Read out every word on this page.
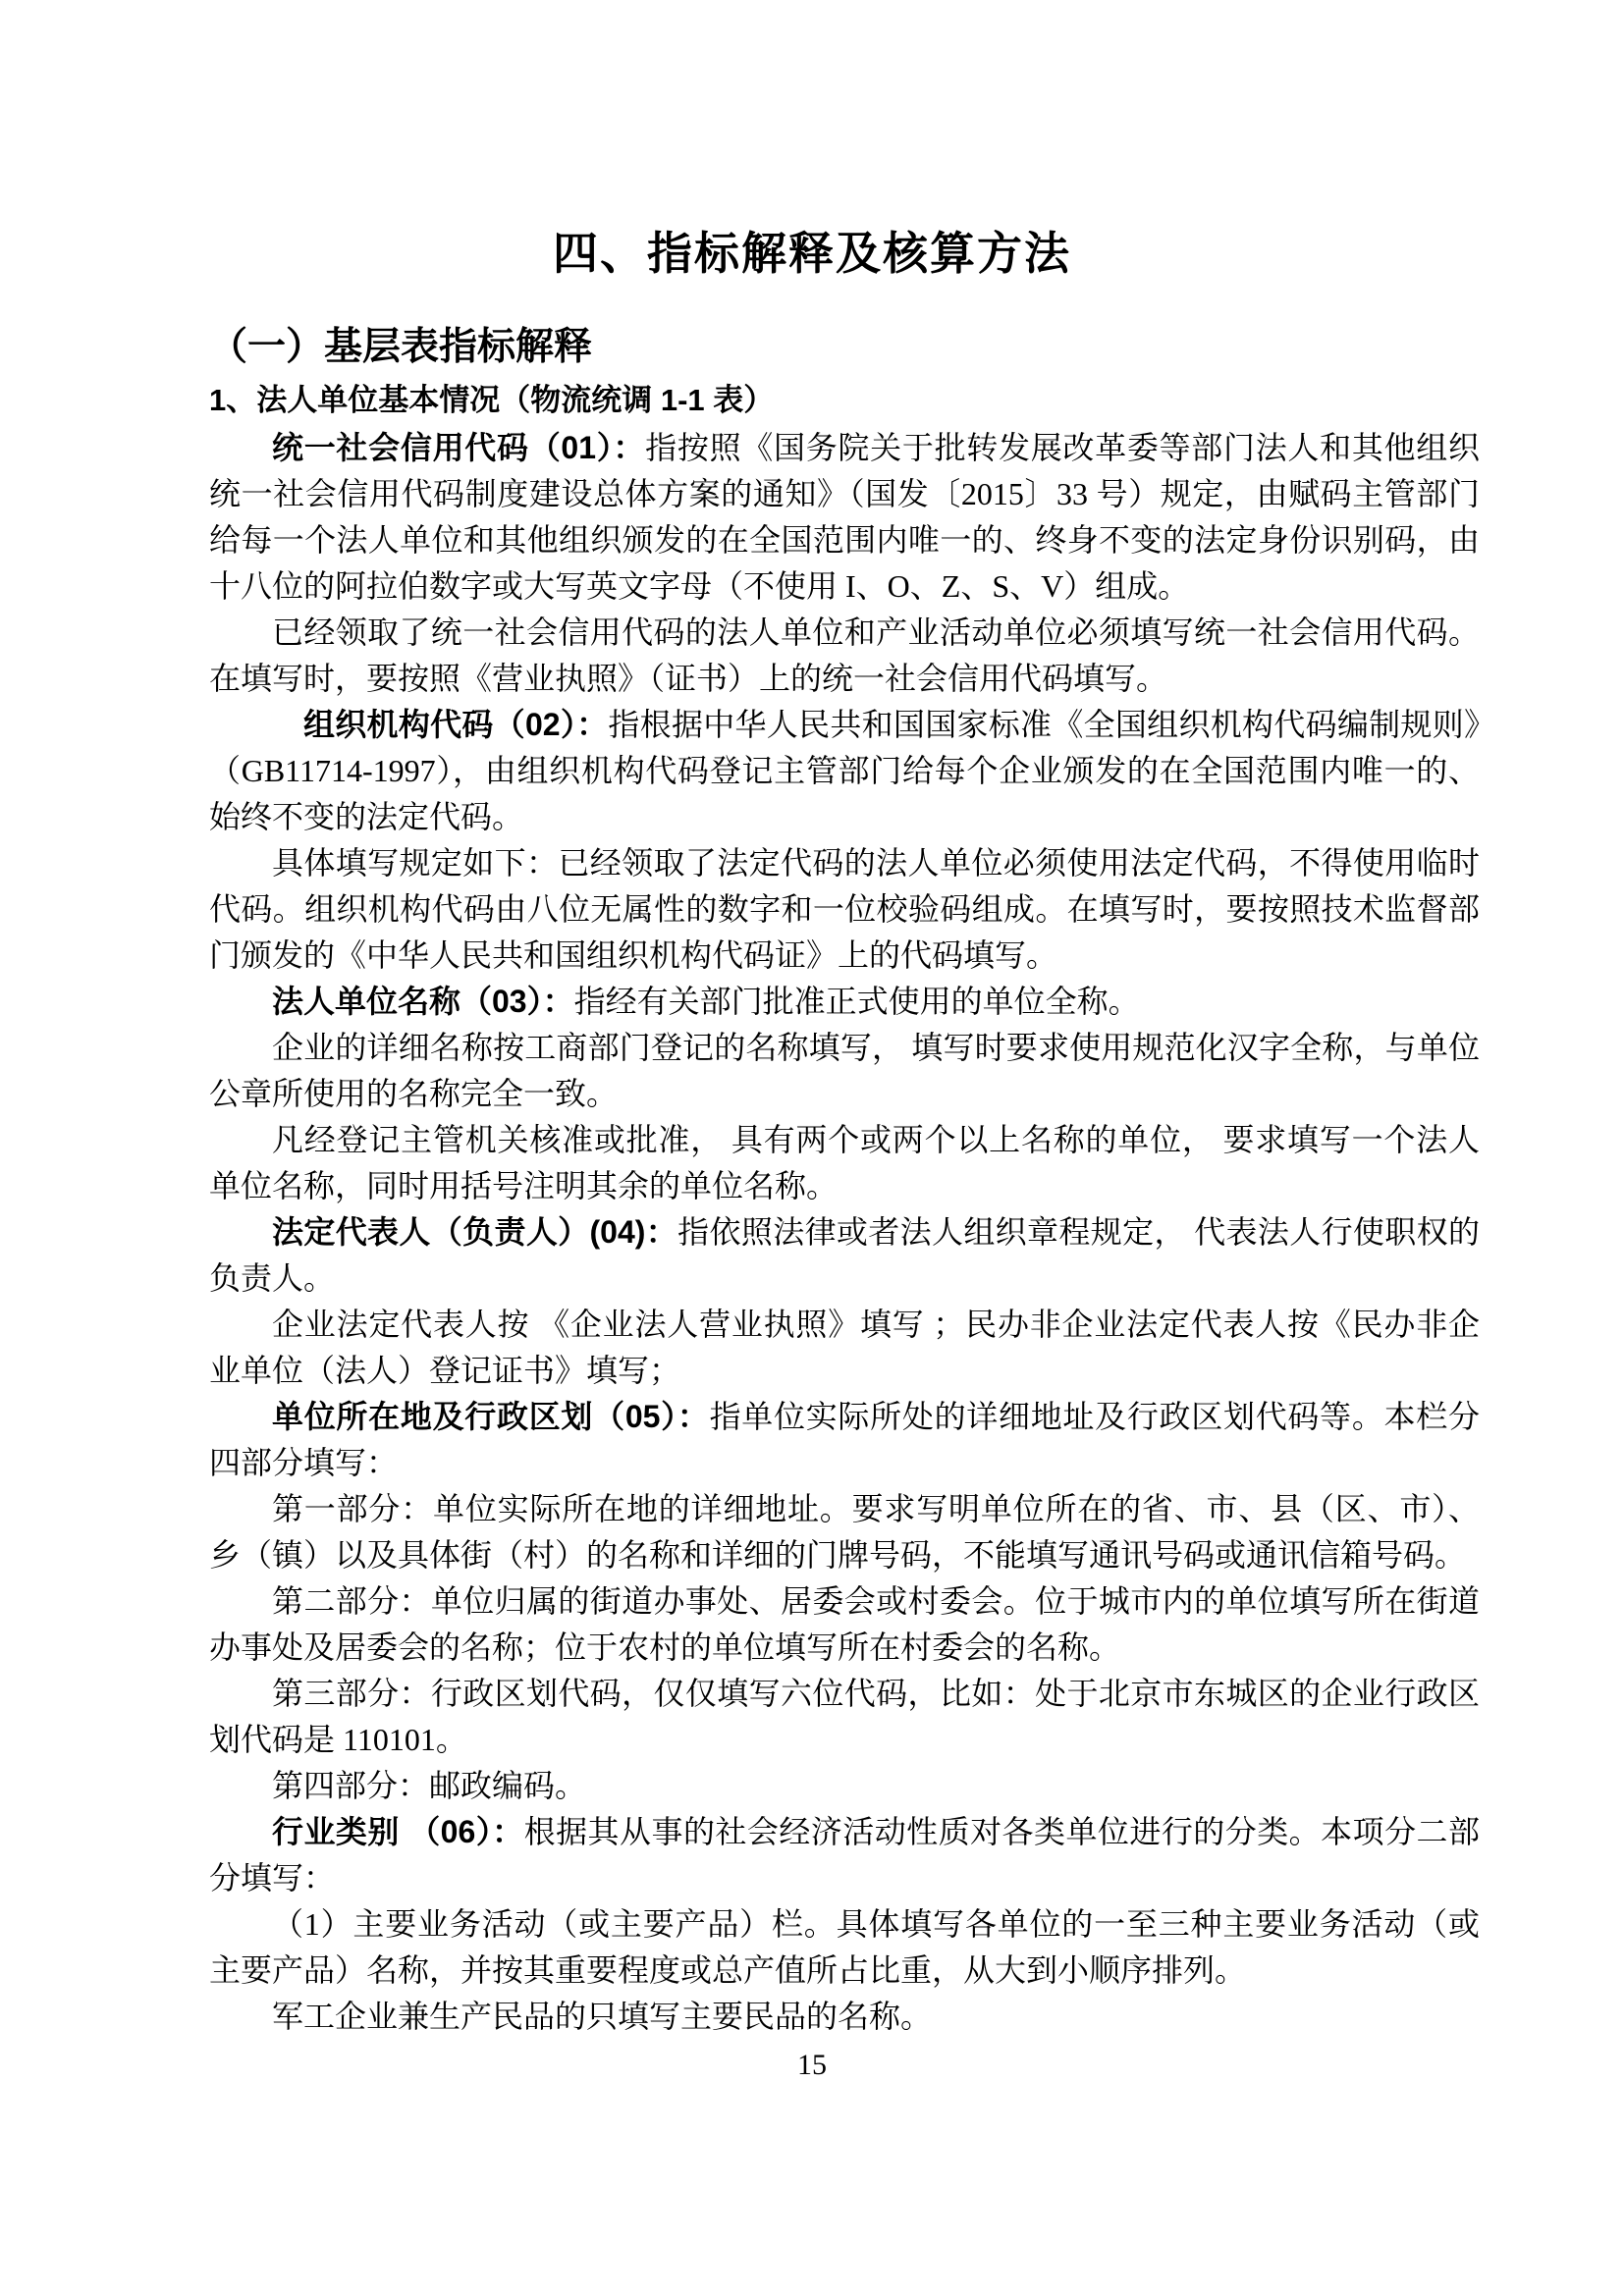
四、指标解释及核算方法
（一）基层表指标解释
1、法人单位基本情况（物流统调 1-1 表）

统一社会信用代码（01）：指按照《国务院关于批转发展改革委等部门法人和其他组织统一社会信用代码制度建设总体方案的通知》（国发〔2015〕33 号）规定，由赋码主管部门给每一个法人单位和其他组织颁发的在全国范围内唯一的、终身不变的法定身份识别码，由十八位的阿拉伯数字或大写英文字母（不使用 I、O、Z、S、V）组成。

已经领取了统一社会信用代码的法人单位和产业活动单位必须填写统一社会信用代码。在填写时，要按照《营业执照》（证书）上的统一社会信用代码填写。

组织机构代码（02）：指根据中华人民共和国国家标准《全国组织机构代码编制规则》（GB11714-1997），由组织机构代码登记主管部门给每个企业颁发的在全国范围内唯一的、始终不变的法定代码。

具体填写规定如下：已经领取了法定代码的法人单位必须使用法定代码，不得使用临时代码。组织机构代码由八位无属性的数字和一位校验码组成。在填写时，要按照技术监督部门颁发的《中华人民共和国组织机构代码证》上的代码填写。

法人单位名称（03）：指经有关部门批准正式使用的单位全称。

企业的详细名称按工商部门登记的名称填写， 填写时要求使用规范化汉字全称，与单位公章所使用的名称完全一致。

凡经登记主管机关核准或批准， 具有两个或两个以上名称的单位， 要求填写一个法人单位名称，同时用括号注明其余的单位名称。

法定代表人（负责人）(04)：指依照法律或者法人组织章程规定， 代表法人行使职权的负责人。

企业法定代表人按 《企业法人营业执照》填写 ；民办非企业法定代表人按《民办非企业单位（法人）登记证书》填写；

单位所在地及行政区划（05）：指单位实际所处的详细地址及行政区划代码等。本栏分四部分填写：

第一部分：单位实际所在地的详细地址。要求写明单位所在的省、市、县（区、市）、乡（镇）以及具体街（村）的名称和详细的门牌号码，不能填写通讯号码或通讯信箱号码。

第二部分：单位归属的街道办事处、居委会或村委会。位于城市内的单位填写所在街道办事处及居委会的名称；位于农村的单位填写所在村委会的名称。

第三部分：行政区划代码，仅仅填写六位代码，比如：处于北京市东城区的企业行政区划代码是 110101。

第四部分：邮政编码。

行业类别 （06）：根据其从事的社会经济活动性质对各类单位进行的分类。本项分二部分填写：

（1）主要业务活动（或主要产品）栏。具体填写各单位的一至三种主要业务活动（或主要产品）名称，并按其重要程度或总产值所占比重，从大到小顺序排列。

军工企业兼生产民品的只填写主要民品的名称。

15
